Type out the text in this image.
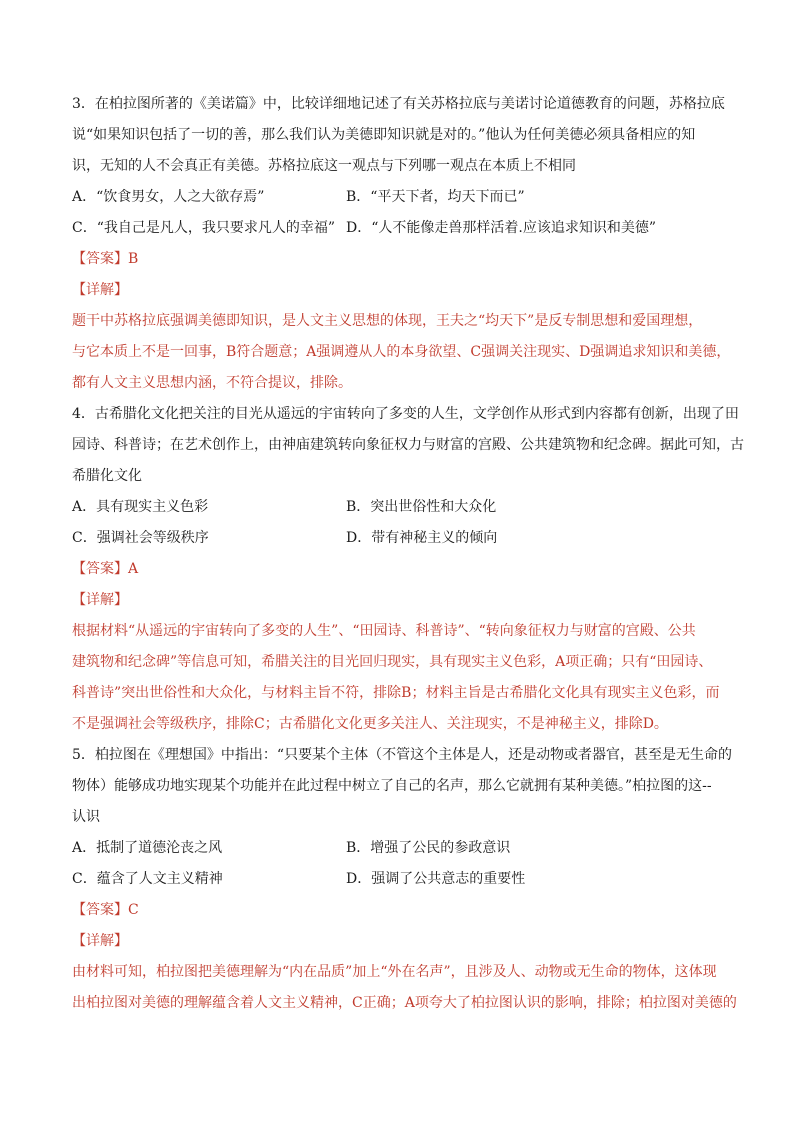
3．在柏拉图所著的《美诺篇》中，比较详细地记述了有关苏格拉底与美诺讨论道德教育的问题，苏格拉底
说“如果知识包括了一切的善，那么我们认为美德即知识就是对的。”他认为任何美德必须具备相应的知
识，无知的人不会真正有美德。苏格拉底这一观点与下列哪一观点在本质上不相同
A．“饮食男女，人之大欲存焉”	B．“平天下者，均天下而已”
C．“我自己是凡人，我只要求凡人的幸福” D．“人不能像走兽那样活着.应该追求知识和美德”
【答案】B
【详解】
题干中苏格拉底强调美德即知识，是人文主义思想的体现，王夫之“均天下”是反专制思想和爱国理想，
与它本质上不是一回事，B符合题意；A强调遵从人的本身欲望、C强调关注现实、D强调追求知识和美德，
都有人文主义思想内涵，不符合提议，排除。
4．古希腊化文化把关注的目光从遥远的宇宙转向了多变的人生，文学创作从形式到内容都有创新，出现了田
园诗、科普诗；在艺术创作上，由神庙建筑转向象征权力与财富的宫殿、公共建筑物和纪念碑。据此可知，古
希腊化文化
A．具有现实主义色彩	B．突出世俗性和大众化
C．强调社会等级秩序	D．带有神秘主义的倾向
【答案】A
【详解】
根据材料“从遥远的宇宙转向了多变的人生”、“田园诗、科普诗”、“转向象征权力与财富的宫殿、公共
建筑物和纪念碑”等信息可知，希腊关注的目光回归现实，具有现实主义色彩，A项正确；只有“田园诗、
科普诗”突出世俗性和大众化，与材料主旨不符，排除B；材料主旨是古希腊化文化具有现实主义色彩，而
不是强调社会等级秩序，排除C；古希腊化文化更多关注人、关注现实，不是神秘主义，排除D。
5．柏拉图在《理想国》中指出：“只要某个主体（不管这个主体是人，还是动物或者器官，甚至是无生命的
物体）能够成功地实现某个功能并在此过程中树立了自己的名声，那么它就拥有某种美德。”柏拉图的这--
认识
A．抵制了道德沦丧之风	B．增强了公民的参政意识
C．蕴含了人文主义精神	D．强调了公共意志的重要性
【答案】C
【详解】
由材料可知，柏拉图把美德理解为“内在品质”加上“外在名声”，且涉及人、动物或无生命的物体，这体现
出柏拉图对美德的理解蕴含着人文主义精神，C正确；A项夸大了柏拉图认识的影响，排除；柏拉图对美德的
